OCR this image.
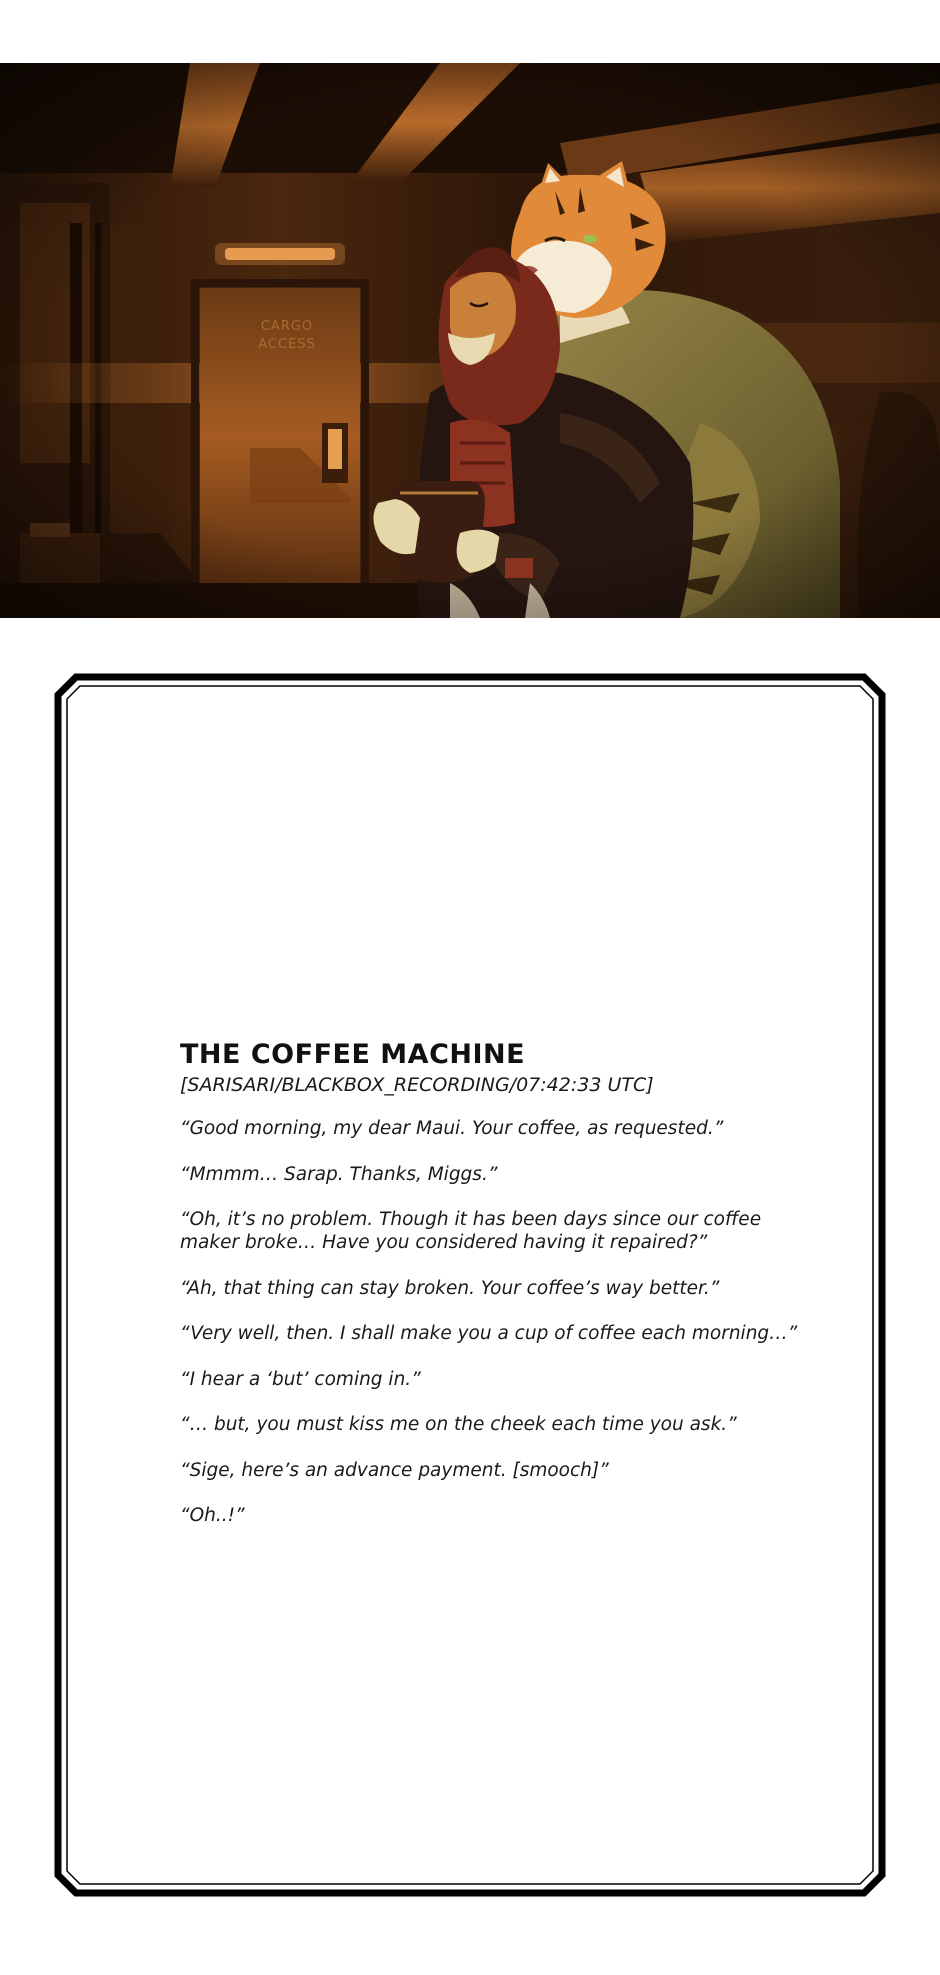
CARGO
ACCESS
THE COFFEE MACHINE

[SARISARI/BLACKBOX_RECORDING/07:42:33 UTC]

“Good morning, my dear Maui. Your coffee, as requested.”
“Mmmm… Sarap. Thanks, Miggs.”
“Oh, it’s no problem. Though it has been days since our coffee maker broke… Have you considered having it repaired?”
“Ah, that thing can stay broken. Your coffee’s way better.”
“Very well, then. I shall make you a cup of coffee each morning…”
“I hear a ‘but’ coming in.”
“… but, you must kiss me on the cheek each time you ask.”
“Sige, here’s an advance payment. [smooch]”
“Oh..!”
